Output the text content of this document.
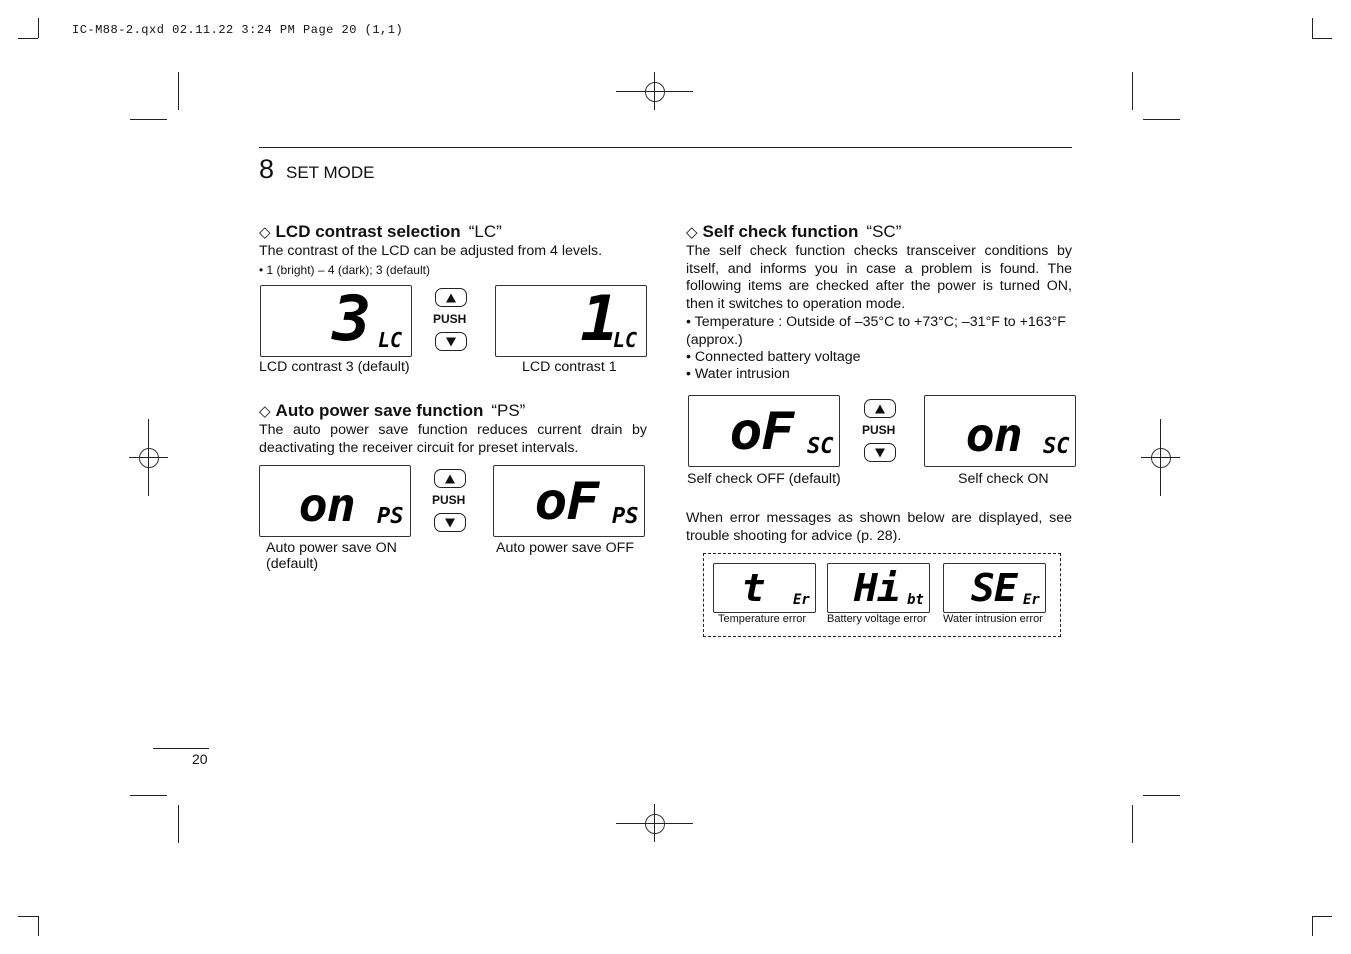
IC-M88-2.qxd 02.11.22 3:24 PM Page 20 (1,1)
8 SET MODE
◇ LCD contrast selection “LC”
The contrast of the LCD can be adjusted from 4 levels.
• 1 (bright) – 4 (dark); 3 (default)
3 LC
PUSH 1
LC
LCD contrast 3 (default)	LCD contrast 1
◇ Auto power save function “PS”
The auto power save function reduces current drain by deactivating the receiver circuit for preset intervals.
on PS
PUSH oF PS
Auto power save ON (default)
Auto power save OFF
◇ Self check function “SC”
The self check function checks transceiver conditions by itself, and informs you in case a problem is found. The following items are checked after the power is turned ON, then it switches to operation mode.
• Temperature : Outside of –35°C to +73°C; –31°F to +163°F (approx.)
• Connected battery voltage
• Water intrusion
oF SC
PUSH on SC
Self check OFF (default)	Self check ON
When error messages as shown below are displayed, see trouble shooting for advice (p. 28).
t Er Hi bt SE Er
Temperature error Battery voltage error Water intrusion error
20
